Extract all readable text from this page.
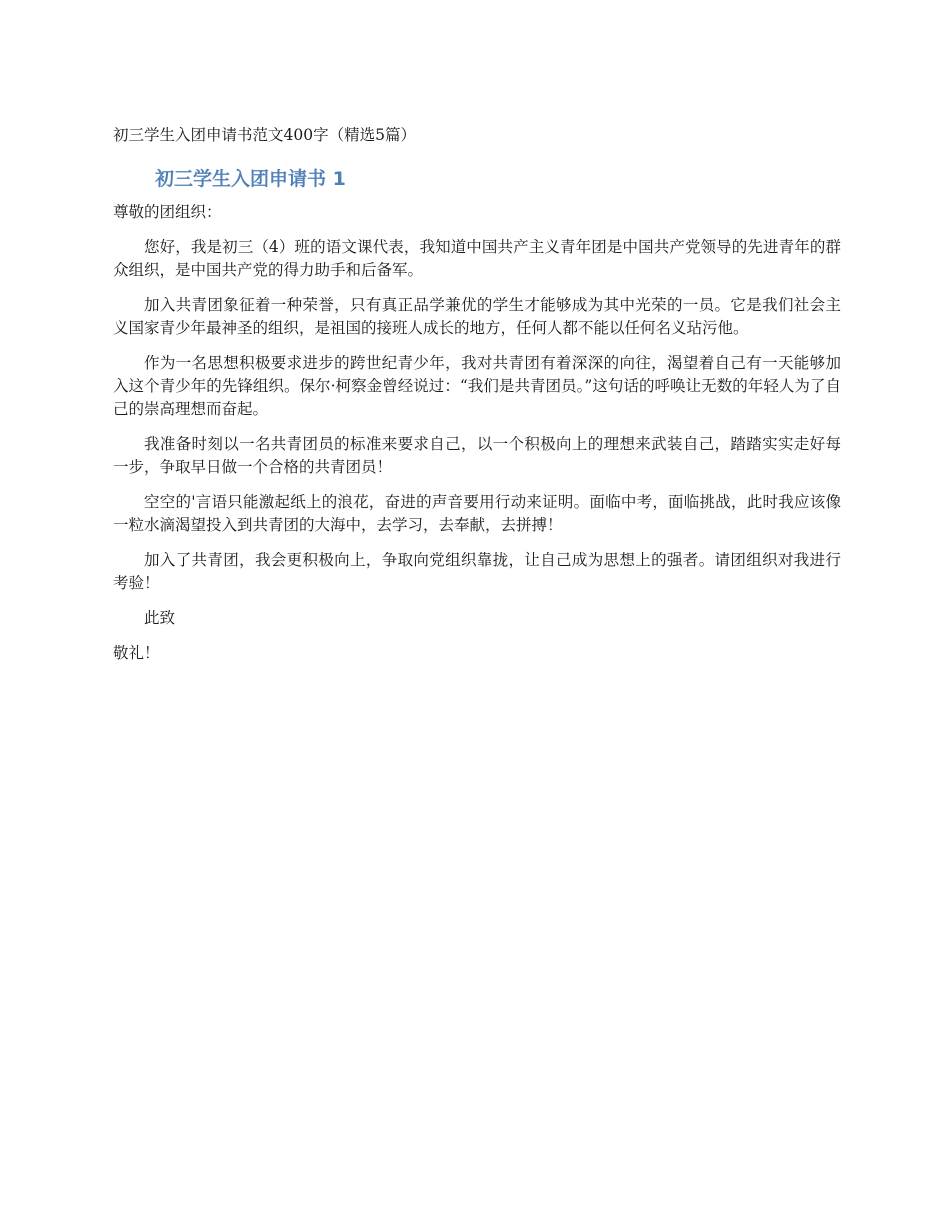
初三学生入团申请书范文400字（精选5篇）

初三学生入团申请书 1

尊敬的团组织：

您好，我是初三（4）班的语文课代表，我知道中国共产主义青年团是中国共产党领导的先进青年的群众组织，是中国共产党的得力助手和后备军。

加入共青团象征着一种荣誉，只有真正品学兼优的学生才能够成为其中光荣的一员。它是我们社会主义国家青少年最神圣的组织，是祖国的接班人成长的地方，任何人都不能以任何名义玷污他。

作为一名思想积极要求进步的跨世纪青少年，我对共青团有着深深的向往，渴望着自己有一天能够加入这个青少年的先锋组织。保尔·柯察金曾经说过：“我们是共青团员。”这句话的呼唤让无数的年轻人为了自己的崇高理想而奋起。

我准备时刻以一名共青团员的标准来要求自己，以一个积极向上的理想来武装自己，踏踏实实走好每一步，争取早日做一个合格的共青团员！

空空的'言语只能激起纸上的浪花，奋进的声音要用行动来证明。面临中考，面临挑战，此时我应该像一粒水滴渴望投入到共青团的大海中，去学习，去奉献，去拼搏！

加入了共青团，我会更积极向上，争取向党组织靠拢，让自己成为思想上的强者。请团组织对我进行考验！

此致

敬礼！
